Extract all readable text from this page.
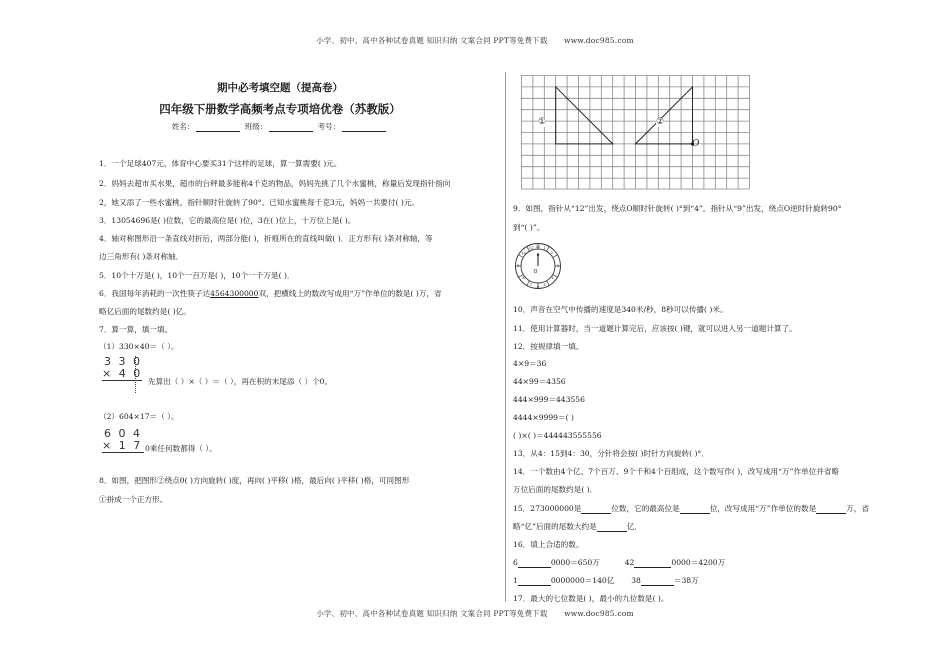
小学、初中、高中各种试卷真题 知识归纳 文案合同 PPT等免费下载 www.doc985.com
期中必考填空题（提高卷）
四年级下册数学高频考点专项培优卷（苏教版）
姓名：	班级：	考号：
1．一个足球407元，体育中心要买31个这样的足球，算一算需要( )元。
2．妈妈去超市买水果，超市的台秤最多能称4千克的物品，妈妈先挑了几个水蜜桃，称量后发现指针指向
2，她又添了一些水蜜桃，指针顺时针旋转了90°。已知水蜜桃每千克3元，妈妈一共要付( )元。
3．13054696是( )位数，它的最高位是( )位，3在( )位上，十万位上是( )。
4．轴对称图形沿一条直线对折后，两部分能( )，折痕所在的直线叫做( )．正方形有( )条对称轴，等
边三角形有( )条对称轴．
5．10个十万是( )，10个一百万是( )，10个一千万是( )．
6．我国每年消耗的一次性筷子达4564300000双，把横线上的数改写成用“万”作单位的数是( )万，省
略亿后面的尾数约是( )亿。
7．算一算，填一填。
（1）330×40＝（ ）。
3 3 0
× 4 0
先算出（ ）×（ ）＝（ ），再在积的末尾添（ ）个0。
（2）604×17＝（ ）。
6 0 4
× 1 7 0乘任何数都得（ ）。
8．如图，把图形②绕点0( )方向旋转( )度，再向( )平移( )格，最后向( )平移( )格，可同图形
①拼成一个正方形。
①	②
O
9．如图，指针从“12”出发，绕点O顺时针旋转( )°到“4”。指针从“9”出发，绕点O逆时针旋转90°
到“( )”。
12 1
2
3
4
5
6
7
8
9
10
11
O
10．声音在空气中传播的速度是340米/秒，8秒可以传播( )米。
11．使用计算器时，当一道题计算完后，应该按( )键，就可以进入另一道题计算了。
12．按规律填一填。
4×9＝36
44×99＝4356
444×999＝443556
4444×9999＝( )
( )×( )＝444443555556
13．从4：15到4：30，分针将会按( )时针方向旋转( )°．
14．一个数由4个亿、7个百万、9个千和4个百组成，这个数写作( )，改写成用“万”作单位并省略
万位后面的尾数约是( )．
15．273000000是	位数，它的最高位是	位，改写成用“万”作单位的数是	万，省
略“亿”后面的尾数大约是	亿．
16．填上合适的数。
6	0000＝650万	42	0000＝4200万
1	0000000＝140亿 38	＝38万
17．最大的七位数是( )，最小的九位数是( )。
小学、初中、高中各种试卷真题 知识归纳 文案合同 PPT等免费下载 www.doc985.com
